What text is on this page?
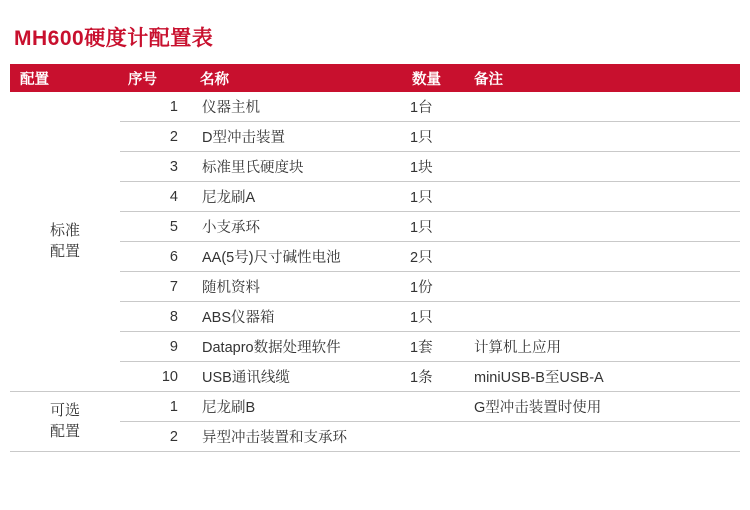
MH600硬度计配置表
配置	序号	名称	数量	备注

标准
配置	1	仪器主机	1台	
	2	D型冲击装置	1只	
	3	标准里氏硬度块	1块	
	4	尼龙刷A	1只	
	5	小支承环	1只	
	6	AA(5号)尺寸碱性电池	2只	
	7	随机资料	1份	
	8	ABS仪器箱	1只	
	9	Datapro数据处理软件	1套	计算机上应用
	10	USB通讯线缆	1条	miniUSB-B至USB-A

可选
配置	1	尼龙刷B		G型冲击装置时使用
	2	异型冲击装置和支承环		
